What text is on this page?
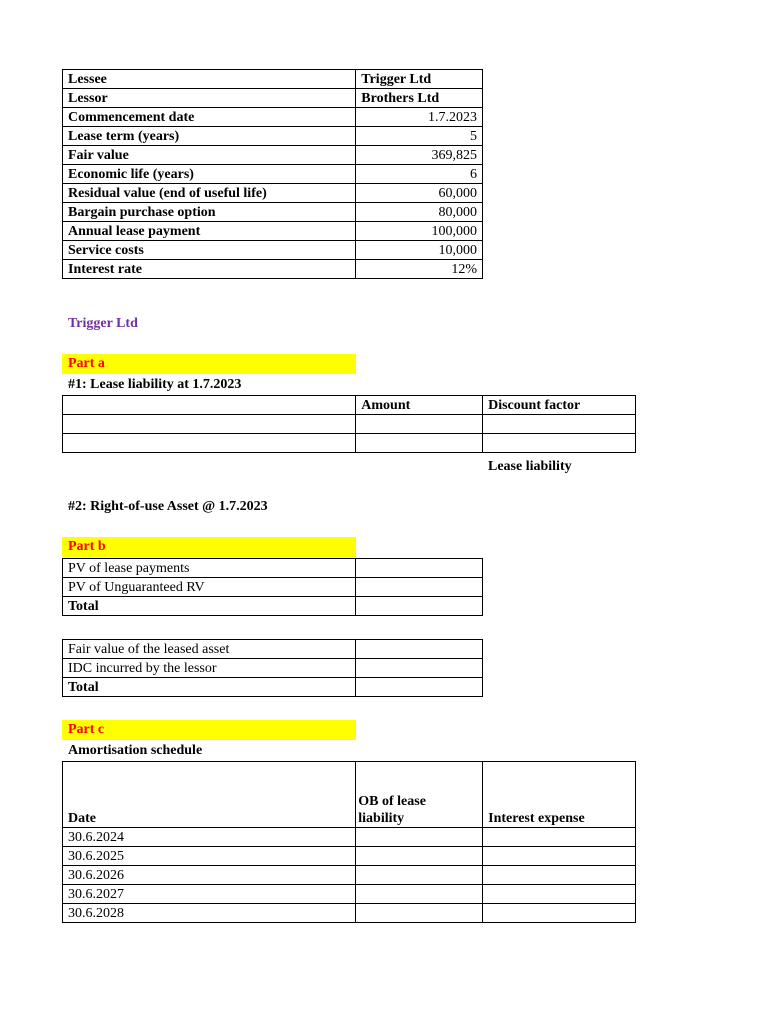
Lessee	Trigger Ltd
Lessor	Brothers Ltd
Commencement date	1.7.2023
Lease term (years)	5
Fair value	369,825
Economic life (years)	6
Residual value (end of useful life)	60,000
Bargain purchase option	80,000
Annual lease payment	100,000
Service costs	10,000
Interest rate	12%
Trigger Ltd
Part a
#1: Lease liability at 1.7.2023
	Amount	Discount factor

Lease liability
#2: Right-of-use Asset @ 1.7.2023
Part b
PV of lease payments	
PV of Unguaranteed RV	
Total	
Fair value of the leased asset	
IDC incurred by the lessor	
Total	
Part c
Amortisation schedule
Date	OB of lease liability	Interest expense
30.6.2024		
30.6.2025		
30.6.2026		
30.6.2027		
30.6.2028		
